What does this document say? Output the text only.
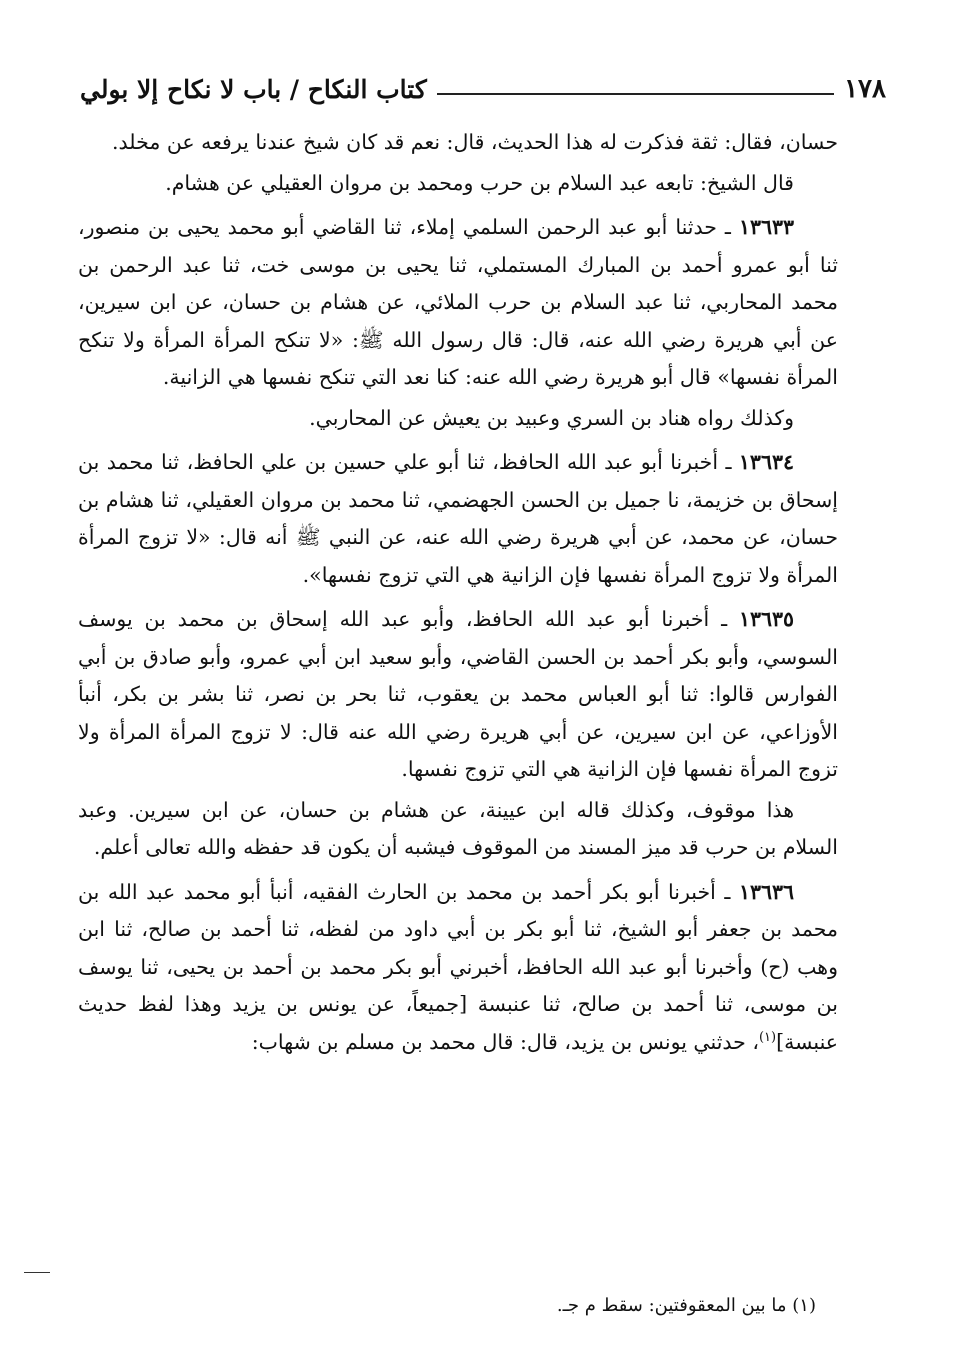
١٧٨
كتاب النكاح / باب لا نكاح إلا بولي

حسان، فقال: ثقة فذكرت له هذا الحديث، قال: نعم قد كان شيخ عندنا يرفعه عن مخلد.

قال الشيخ: تابعه عبد السلام بن حرب ومحمد بن مروان العقيلي عن هشام.

١٣٦٣٣ ـ حدثنا أبو عبد الرحمن السلمي إملاء، ثنا القاضي أبو محمد يحيى بن منصور، ثنا أبو عمرو أحمد بن المبارك المستملي، ثنا يحيى بن موسى خت، ثنا عبد الرحمن بن محمد المحاربي، ثنا عبد السلام بن حرب الملائي، عن هشام بن حسان، عن ابن سيرين، عن أبي هريرة رضي الله عنه، قال: قال رسول الله ﷺ: «لا تنكح المرأة المرأة ولا تنكح المرأة نفسها» قال أبو هريرة رضي الله عنه: كنا نعد التي تنكح نفسها هي الزانية.

وكذلك رواه هناد بن السري وعبيد بن يعيش عن المحاربي.

١٣٦٣٤ ـ أخبرنا أبو عبد الله الحافظ، ثنا أبو علي حسين بن علي الحافظ، ثنا محمد بن إسحاق بن خزيمة، نا جميل بن الحسن الجهضمي، ثنا محمد بن مروان العقيلي، ثنا هشام بن حسان، عن محمد، عن أبي هريرة رضي الله عنه، عن النبي ﷺ أنه قال: «لا تزوج المرأة المرأة ولا تزوج المرأة نفسها فإن الزانية هي التي تزوج نفسها».

١٣٦٣٥ ـ أخبرنا أبو عبد الله الحافظ، وأبو عبد الله إسحاق بن محمد بن يوسف السوسي، وأبو بكر أحمد بن الحسن القاضي، وأبو سعيد ابن أبي عمرو، وأبو صادق بن أبي الفوارس قالوا: ثنا أبو العباس محمد بن يعقوب، ثنا بحر بن نصر، ثنا بشر بن بكر، أنبأ الأوزاعي، عن ابن سيرين، عن أبي هريرة رضي الله عنه قال: لا تزوج المرأة المرأة ولا تزوج المرأة نفسها فإن الزانية هي التي تزوج نفسها.

هذا موقوف، وكذلك قاله ابن عيينة، عن هشام بن حسان، عن ابن سيرين. وعبد السلام بن حرب قد ميز المسند من الموقوف فيشبه أن يكون قد حفظه والله تعالى أعلم.

١٣٦٣٦ ـ أخبرنا أبو بكر أحمد بن محمد بن الحارث الفقيه، أنبأ أبو محمد عبد الله بن محمد بن جعفر أبو الشيخ، ثنا أبو بكر بن أبي داود من لفظه، ثنا أحمد بن صالح، ثنا ابن وهب (ح) وأخبرنا أبو عبد الله الحافظ، أخبرني أبو بكر محمد بن أحمد بن يحيى، ثنا يوسف بن موسى، ثنا أحمد بن صالح، ثنا عنبسة [جميعاً، عن يونس بن يزيد وهذا لفظ حديث عنبسة]$^{(١)}$، حدثني يونس بن يزيد، قال: قال محمد بن مسلم بن شهاب:

(١) ما بين المعقوفتين: سقط م جـ.
